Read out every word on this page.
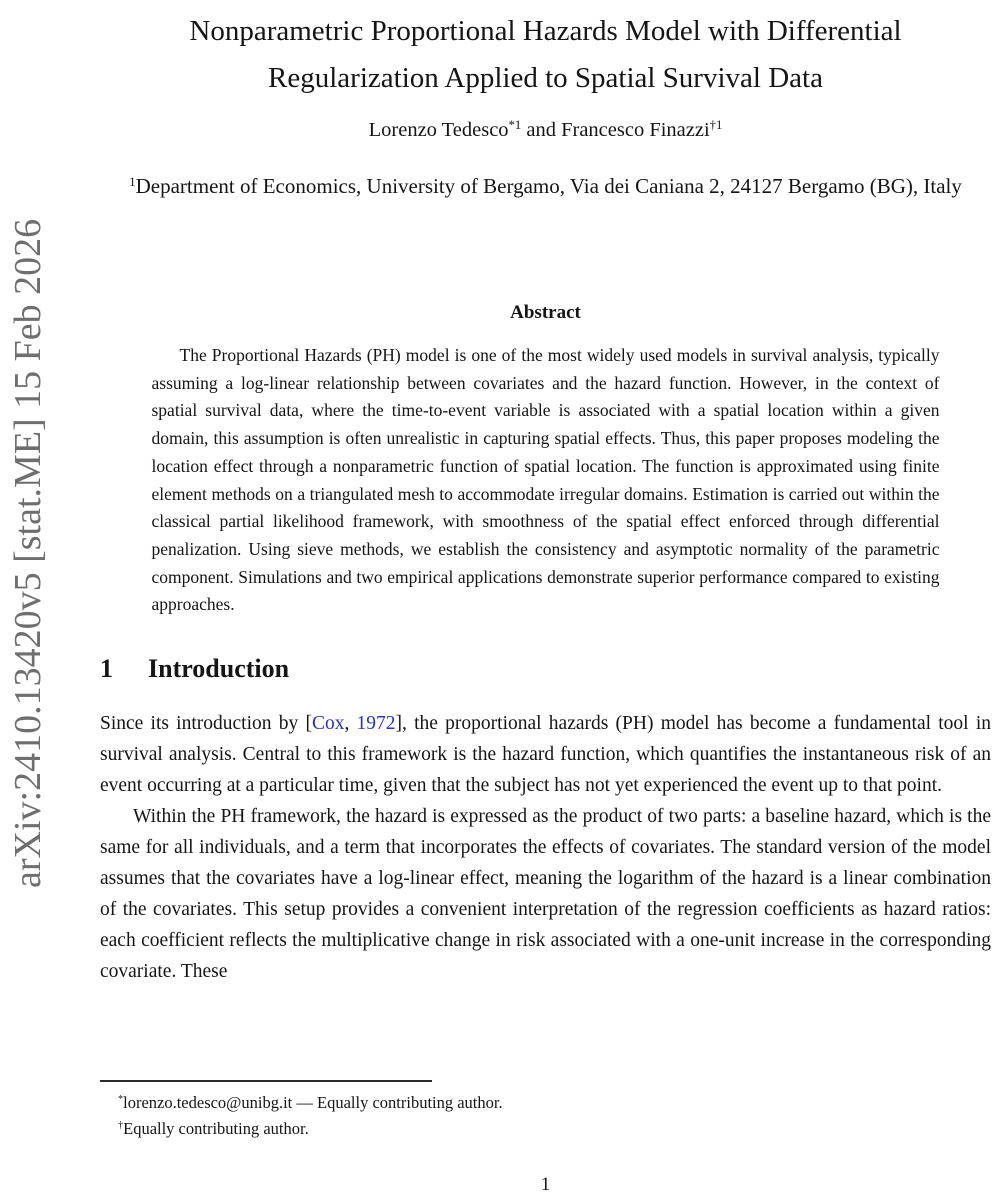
arXiv:2410.13420v5 [stat.ME] 15 Feb 2026
Nonparametric Proportional Hazards Model with Differential
Regularization Applied to Spatial Survival Data
Lorenzo Tedesco$^{*1}$ and Francesco Finazzi$^{\dagger 1}$
$^1$Department of Economics, University of Bergamo, Via dei Caniana 2, 24127 Bergamo (BG), Italy
Abstract

The Proportional Hazards (PH) model is one of the most widely used models in survival analysis, typically assuming a log-linear relationship between covariates and the hazard function. However, in the context of spatial survival data, where the time-to-event variable is associated with a spatial location within a given domain, this assumption is often unrealistic in capturing spatial effects. Thus, this paper proposes modeling the location effect through a nonparametric function of spatial location. The function is approximated using finite element methods on a triangulated mesh to accommodate irregular domains. Estimation is carried out within the classical partial likelihood framework, with smoothness of the spatial effect enforced through differential penalization. Using sieve methods, we establish the consistency and asymptotic normality of the parametric component. Simulations and two empirical applications demonstrate superior performance compared to existing approaches.

1 Introduction

Since its introduction by [Cox, 1972], the proportional hazards (PH) model has become a fundamental tool in survival analysis. Central to this framework is the hazard function, which quantifies the instantaneous risk of an event occurring at a particular time, given that the subject has not yet experienced the event up to that point.

Within the PH framework, the hazard is expressed as the product of two parts: a baseline hazard, which is the same for all individuals, and a term that incorporates the effects of covariates. The standard version of the model assumes that the covariates have a log-linear effect, meaning the logarithm of the hazard is a linear combination of the covariates. This setup provides a convenient interpretation of the regression coefficients as hazard ratios: each coefficient reflects the multiplicative change in risk associated with a one-unit increase in the corresponding covariate. These

*lorenzo.tedesco@unibg.it — Equally contributing author.
†Equally contributing author.
1
